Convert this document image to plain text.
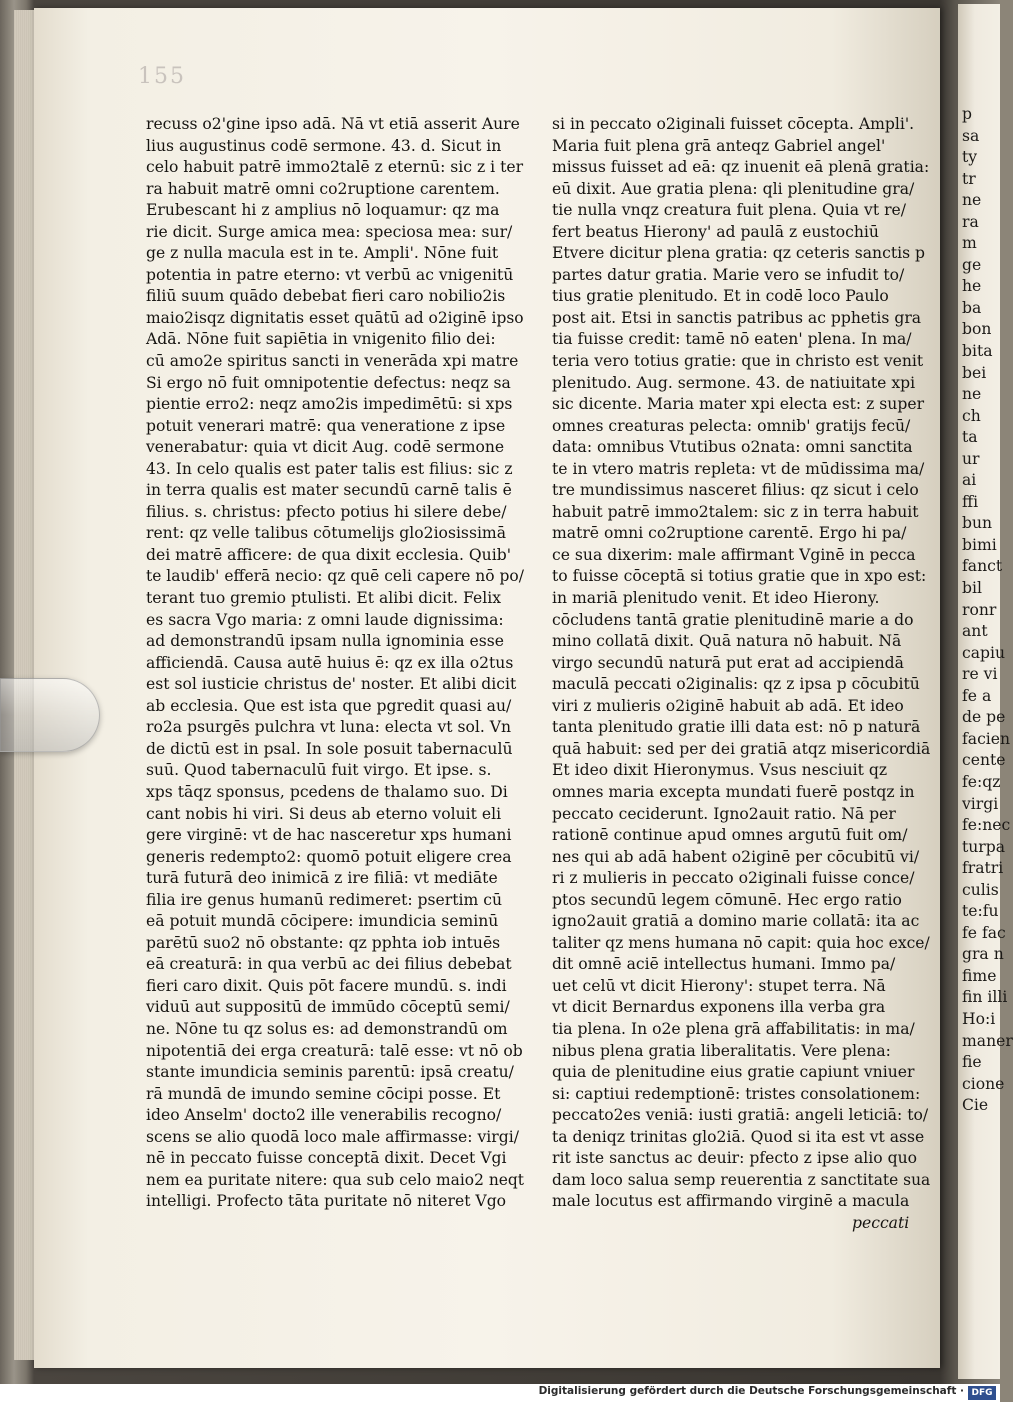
155
recuss o2'gine ipso adā. Nā vt etiā asserit Aure
lius augustinus codē sermone. 43. d. Sicut in
celo habuit patrē immo2talē z eternū: sic z i ter
ra habuit matrē omni co2ruptione carentem.
Erubescant hi z amplius nō loquamur: qz ma
rie dicit. Surge amica mea: speciosa mea: sur/
ge z nulla macula est in te. Ampli'. Nōne fuit
potentia in patre eterno: vt verbū ac vnigenitū
filiū suum quādo debebat fieri caro nobilio2is
maio2isqz dignitatis esset quātū ad o2iginē ipso
Adā. Nōne fuit sapiētia in vnigenito filio dei:
cū amo2e spiritus sancti in venerāda xpi matre
Si ergo nō fuit omnipotentie defectus: neqz sa
pientie erro2: neqz amo2is impedimētū: si xps
potuit venerari matrē: qua veneratione z ipse
venerabatur: quia vt dicit Aug. codē sermone
43. In celo qualis est pater talis est filius: sic z
in terra qualis est mater secundū carnē talis ē
filius. s. christus: pfecto potius hi silere debe/
rent: qz velle talibus cōtumelijs glo2iosissimā
dei matrē afficere: de qua dixit ecclesia. Quib'
te laudib' efferā necio: qz quē celi capere nō po/
terant tuo gremio ptulisti. Et alibi dicit. Felix
es sacra Vgo maria: z omni laude dignissima:
ad demonstrandū ipsam nulla ignominia esse
afficiendā. Causa autē huius ē: qz ex illa o2tus
est sol iusticie christus de' noster. Et alibi dicit
ab ecclesia. Que est ista que pgredit quasi au/
ro2a psurgēs pulchra vt luna: electa vt sol. Vn
de dictū est in psal. In sole posuit tabernaculū
suū. Quod tabernaculū fuit virgo. Et ipse. s.
xps tāqz sponsus, pcedens de thalamo suo. Di
cant nobis hi viri. Si deus ab eterno voluit eli
gere virginē: vt de hac nasceretur xps humani
generis redempto2: quomō potuit eligere crea
turā futurā deo inimicā z ire filiā: vt mediāte
filia ire genus humanū redimeret: psertim cū
eā potuit mundā cōcipere: imundicia seminū
parētū suo2 nō obstante: qz pphta iob intuēs
eā creaturā: in qua verbū ac dei filius debebat
fieri caro dixit. Quis pōt facere mundū. s. indi
viduū aut suppositū de immūdo cōceptū semi/
ne. Nōne tu qz solus es: ad demonstrandū om
nipotentiā dei erga creaturā: talē esse: vt nō ob
stante imundicia seminis parentū: ipsā creatu/
rā mundā de imundo semine cōcipi posse. Et
ideo Anselm' docto2 ille venerabilis recogno/
scens se alio quodā loco male affirmasse: virgi/
nē in peccato fuisse conceptā dixit. Decet Vgi
nem ea puritate nitere: qua sub celo maio2 neqt
intelligi. Profecto tāta puritate nō niteret Vgo
si in peccato o2iginali fuisset cōcepta. Ampli'.
Maria fuit plena grā anteqz Gabriel angel'
missus fuisset ad eā: qz inuenit eā plenā gratia:
eū dixit. Aue gratia plena: qli plenitudine gra/
tie nulla vnqz creatura fuit plena. Quia vt re/
fert beatus Hierony' ad paulā z eustochiū
Etvere dicitur plena gratia: qz ceteris sanctis p
partes datur gratia. Marie vero se infudit to/
tius gratie plenitudo. Et in codē loco Paulo
post ait. Etsi in sanctis patribus ac pphetis gra
tia fuisse credit: tamē nō eaten' plena. In ma/
teria vero totius gratie: que in christo est venit
plenitudo. Aug. sermone. 43. de natiuitate xpi
sic dicente. Maria mater xpi electa est: z super
omnes creaturas pelecta: omnib' gratijs fecū/
data: omnibus Vtutibus o2nata: omni sanctita
te in vtero matris repleta: vt de mūdissima ma/
tre mundissimus nasceret filius: qz sicut i celo
habuit patrē immo2talem: sic z in terra habuit
matrē omni co2ruptione carentē. Ergo hi pa/
ce sua dixerim: male affirmant Vginē in pecca
to fuisse cōceptā si totius gratie que in xpo est:
in mariā plenitudo venit. Et ideo Hierony.
cōcludens tantā gratie plenitudinē marie a do
mino collatā dixit. Quā natura nō habuit. Nā
virgo secundū naturā put erat ad accipiendā
maculā peccati o2iginalis: qz z ipsa p cōcubitū
viri z mulieris o2iginē habuit ab adā. Et ideo
tanta plenitudo gratie illi data est: nō p naturā
quā habuit: sed per dei gratiā atqz misericordiā
Et ideo dixit Hieronymus. Vsus nesciuit qz
omnes maria excepta mundati fuerē postqz in
peccato ceciderunt. Igno2auit ratio. Nā per
rationē continue apud omnes argutū fuit om/
nes qui ab adā habent o2iginē per cōcubitū vi/
ri z mulieris in peccato o2iginali fuisse conce/
ptos secundū legem cōmunē. Hec ergo ratio
igno2auit gratiā a domino marie collatā: ita ac
taliter qz mens humana nō capit: quia hoc exce/
dit omnē aciē intellectus humani. Immo pa/
uet celū vt dicit Hierony': stupet terra. Nā
vt dicit Bernardus exponens illa verba gra
tia plena. In o2e plena grā affabilitatis: in ma/
nibus plena gratia liberalitatis. Vere plena:
quia de plenitudine eius gratie capiunt vniuer
si: captiui redemptionē: tristes consolationem:
peccato2es veniā: iusti gratiā: angeli leticiā: to/
ta deniqz trinitas glo2iā. Quod si ita est vt asse
rit iste sanctus ac deuir: pfecto z ipse alio quo
dam loco salua semp reuerentia z sanctitate sua
male locutus est affirmando virginē a macula
peccati
p
sa
ty
tr
ne
ra
m
ge
he
ba
bon
bita
bei
ne
ch
ta
ur
ai
ffi
bun
bimi
fanct
bil
ronr
ant
capiu
re vi
fe a
de pe
facien
cente
fe:qz
virgi
fe:nec
turpa
fratri
culis
te:fu
fe fac
gra n
fime
fin illi
Ho:i
maner
fie
cione
Cie
Digitalisierung gefördert durch die Deutsche Forschungsgemeinschaft · DFG
